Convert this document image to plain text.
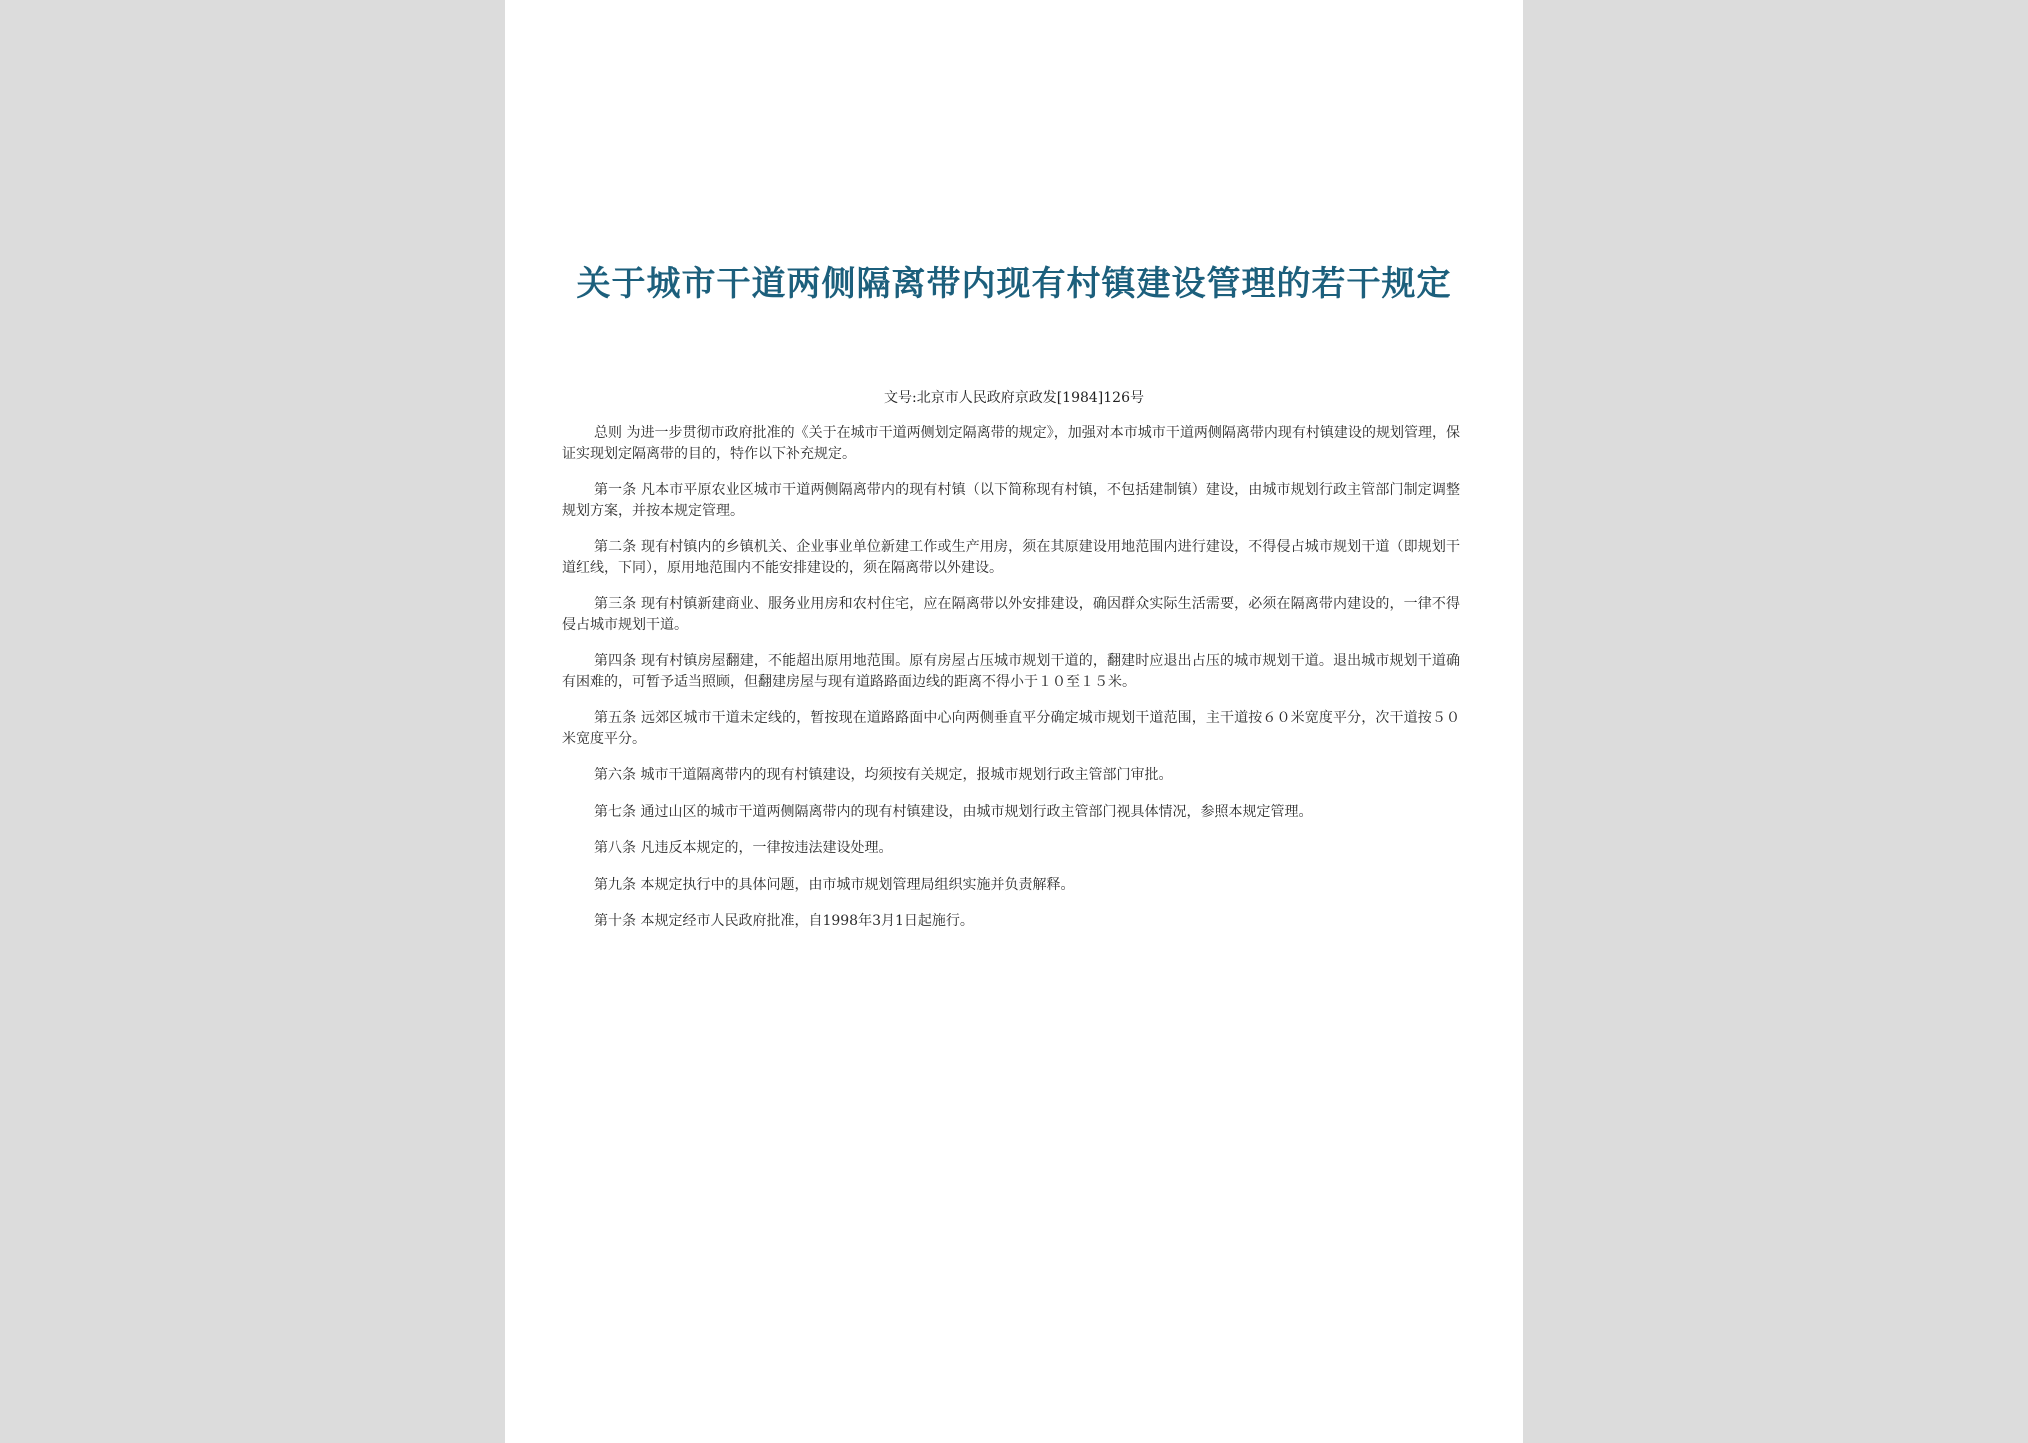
关于城市干道两侧隔离带内现有村镇建设管理的若干规定
文号:北京市人民政府京政发[1984]126号

总则 为进一步贯彻市政府批准的《关于在城市干道两侧划定隔离带的规定》，加强对本市城市干道两侧隔离带内现有村镇建设的规划管理，保证实现划定隔离带的目的，特作以下补充规定。

第一条 凡本市平原农业区城市干道两侧隔离带内的现有村镇（以下简称现有村镇，不包括建制镇）建设，由城市规划行政主管部门制定调整规划方案，并按本规定管理。

第二条 现有村镇内的乡镇机关、企业事业单位新建工作或生产用房，须在其原建设用地范围内进行建设，不得侵占城市规划干道（即规划干道红线，下同），原用地范围内不能安排建设的，须在隔离带以外建设。

第三条 现有村镇新建商业、服务业用房和农村住宅，应在隔离带以外安排建设，确因群众实际生活需要，必须在隔离带内建设的，一律不得侵占城市规划干道。

第四条 现有村镇房屋翻建，不能超出原用地范围。原有房屋占压城市规划干道的，翻建时应退出占压的城市规划干道。退出城市规划干道确有困难的，可暂予适当照顾，但翻建房屋与现有道路路面边线的距离不得小于１０至１５米。

第五条 远郊区城市干道未定线的，暂按现在道路路面中心向两侧垂直平分确定城市规划干道范围，主干道按６０米宽度平分，次干道按５０米宽度平分。

第六条 城市干道隔离带内的现有村镇建设，均须按有关规定，报城市规划行政主管部门审批。

第七条 通过山区的城市干道两侧隔离带内的现有村镇建设，由城市规划行政主管部门视具体情况，参照本规定管理。

第八条 凡违反本规定的，一律按违法建设处理。

第九条 本规定执行中的具体问题，由市城市规划管理局组织实施并负责解释。

第十条 本规定经市人民政府批准，自1998年3月1日起施行。
